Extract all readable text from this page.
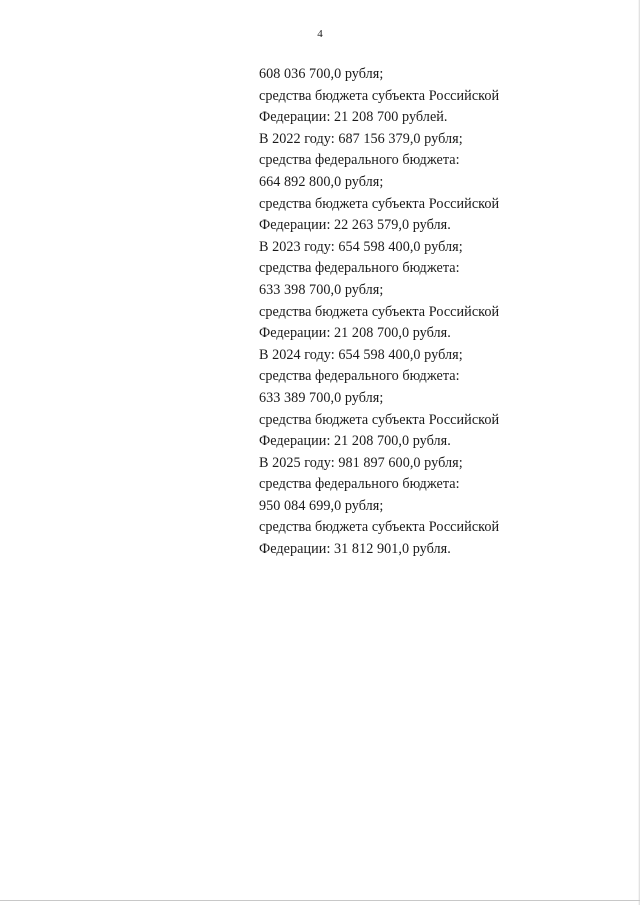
4
608 036 700,0 рубля;
средства бюджета субъекта Российской
Федерации: 21 208 700 рублей.
В 2022 году: 687 156 379,0 рубля;
средства федерального бюджета:
664 892 800,0 рубля;
средства бюджета субъекта Российской
Федерации: 22 263 579,0 рубля.
В 2023 году: 654 598 400,0 рубля;
средства федерального бюджета:
633 398 700,0 рубля;
средства бюджета субъекта Российской
Федерации: 21 208 700,0 рубля.
В 2024 году: 654 598 400,0 рубля;
средства федерального бюджета:
633 389 700,0 рубля;
средства бюджета субъекта Российской
Федерации: 21 208 700,0 рубля.
В 2025 году: 981 897 600,0 рубля;
средства федерального бюджета:
950 084 699,0 рубля;
средства бюджета субъекта Российской
Федерации: 31 812 901,0 рубля.
